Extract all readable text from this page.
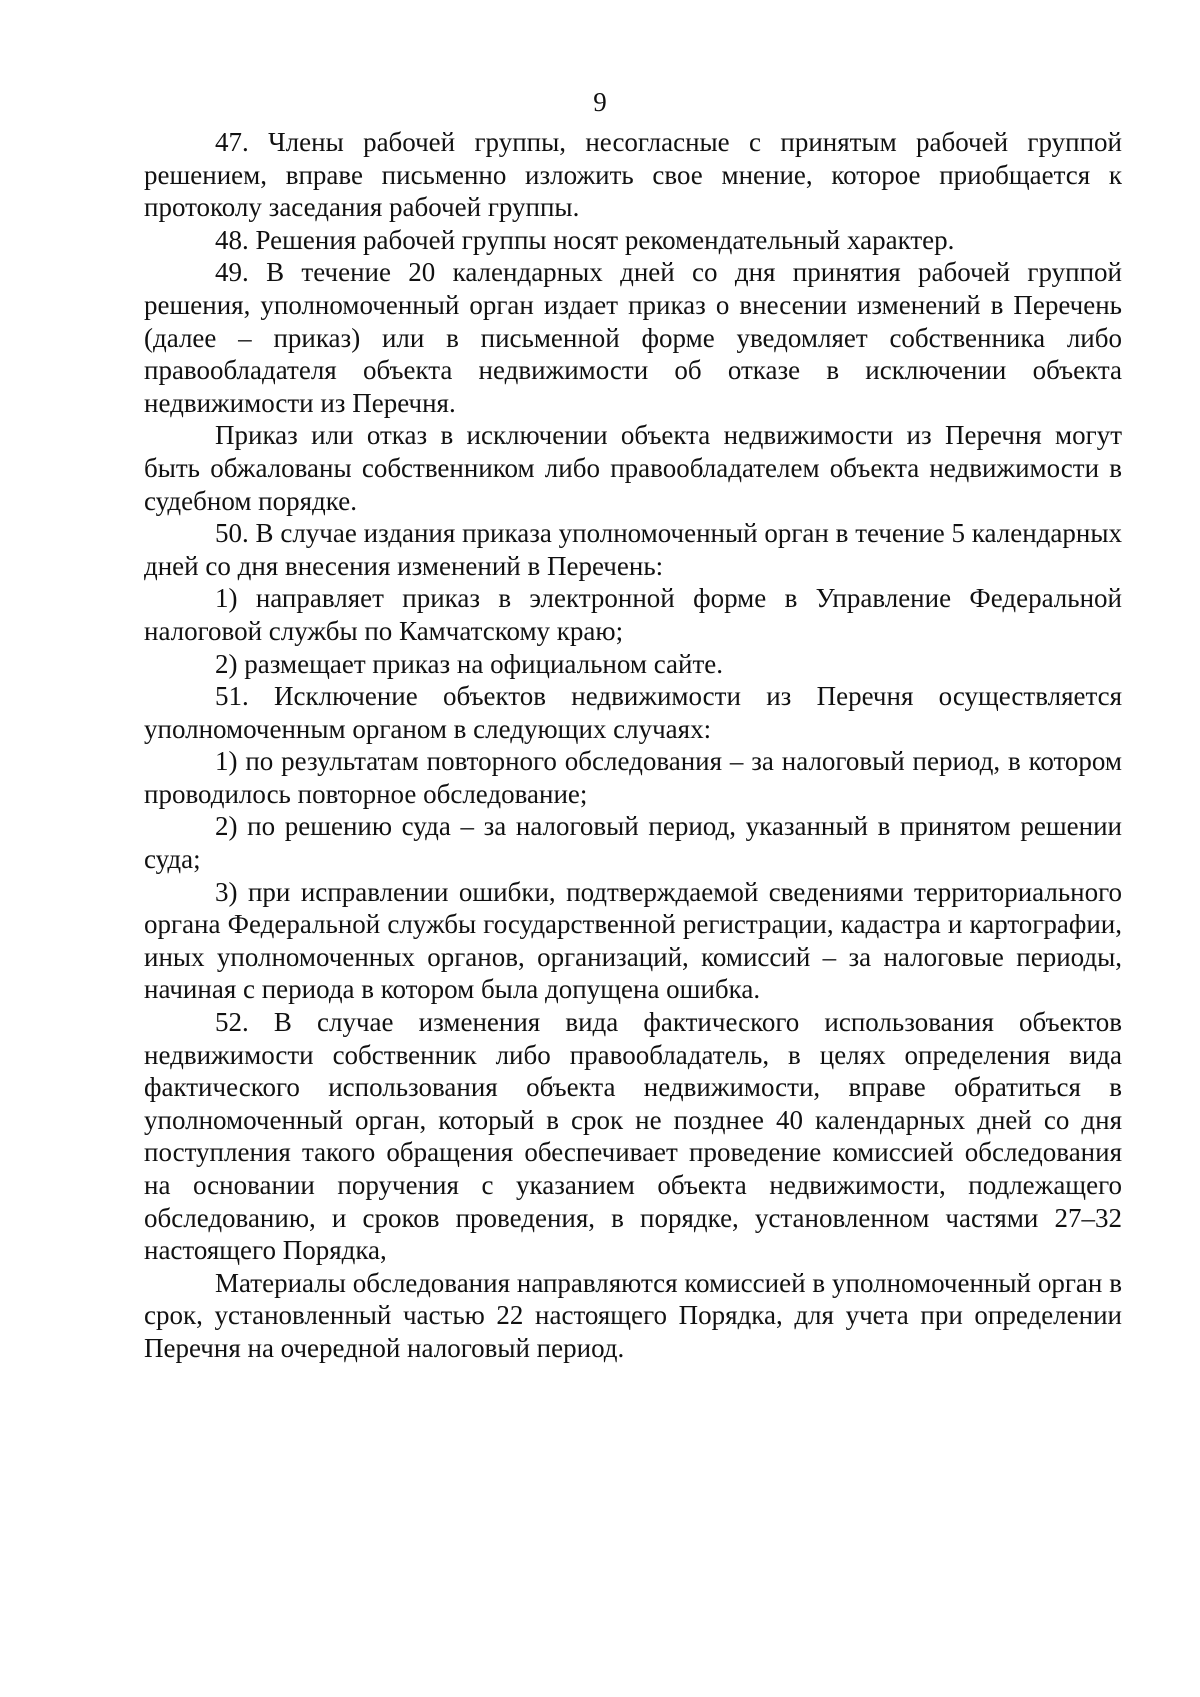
9

47. Члены рабочей группы, несогласные с принятым рабочей группой решением, вправе письменно изложить свое мнение, которое приобщается к протоколу заседания рабочей группы.

48. Решения рабочей группы носят рекомендательный характер.

49. В течение 20 календарных дней со дня принятия рабочей группой решения, уполномоченный орган издает приказ о внесении изменений в Перечень (далее – приказ) или в письменной форме уведомляет собственника либо правообладателя объекта недвижимости об отказе в исключении объекта недвижимости из Перечня.

Приказ или отказ в исключении объекта недвижимости из Перечня могут быть обжалованы собственником либо правообладателем объекта недвижимости в судебном порядке.

50. В случае издания приказа уполномоченный орган в течение 5 календарных дней со дня внесения изменений в Перечень:

1) направляет приказ в электронной форме в Управление Федеральной налоговой службы по Камчатскому краю;

2) размещает приказ на официальном сайте.

51. Исключение объектов недвижимости из Перечня осуществляется уполномоченным органом в следующих случаях:

1) по результатам повторного обследования – за налоговый период, в котором проводилось повторное обследование;

2) по решению суда – за налоговый период, указанный в принятом решении суда;

3) при исправлении ошибки, подтверждаемой сведениями территориального органа Федеральной службы государственной регистрации, кадастра и картографии, иных уполномоченных органов, организаций, комиссий – за налоговые периоды, начиная с периода в котором была допущена ошибка.

52. В случае изменения вида фактического использования объектов недвижимости собственник либо правообладатель, в целях определения вида фактического использования объекта недвижимости, вправе обратиться в уполномоченный орган, который в срок не позднее 40 календарных дней со дня поступления такого обращения обеспечивает проведение комиссией обследования на основании поручения с указанием объекта недвижимости, подлежащего обследованию, и сроков проведения, в порядке, установленном частями 27–32 настоящего Порядка,

Материалы обследования направляются комиссией в уполномоченный орган в срок, установленный частью 22 настоящего Порядка, для учета при определении Перечня на очередной налоговый период.
